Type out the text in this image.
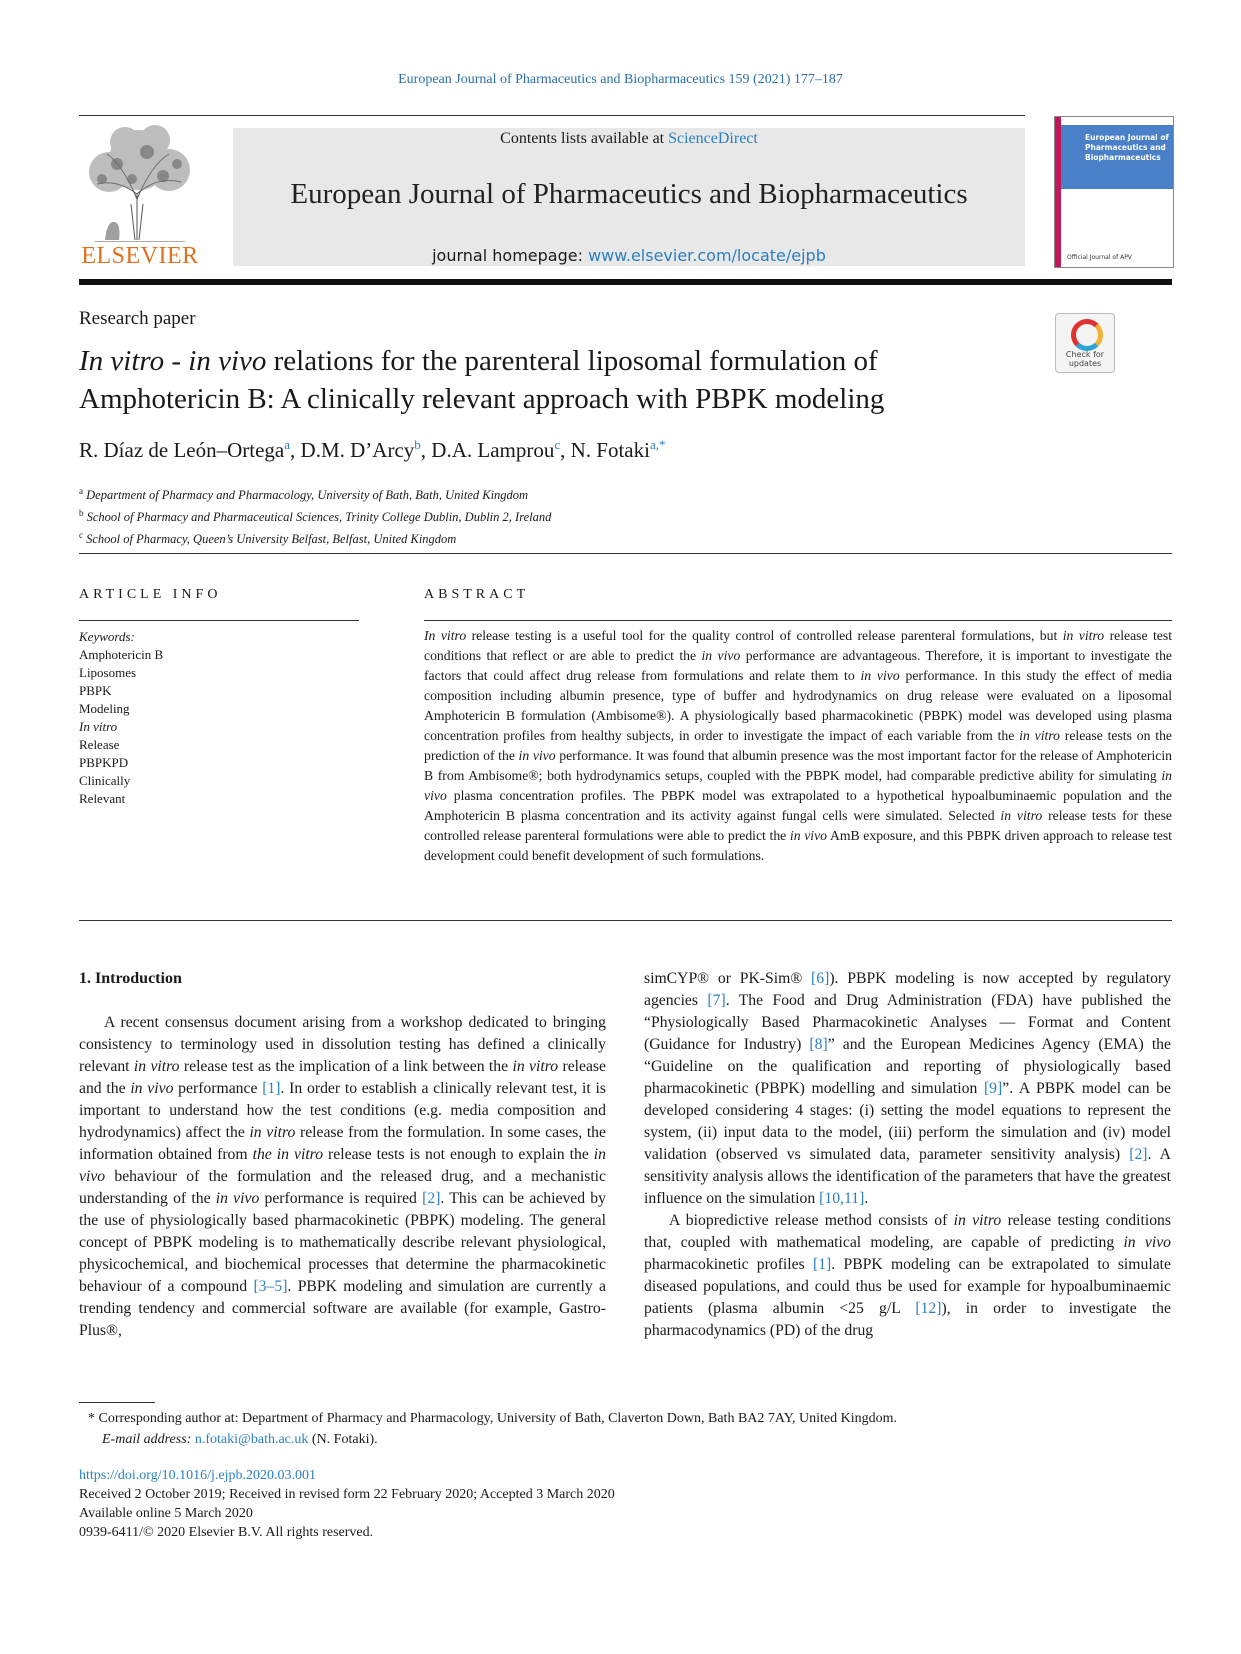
European Journal of Pharmaceutics and Biopharmaceutics 159 (2021) 177–187
ELSEVIER
Contents lists available at ScienceDirect
European Journal of Pharmaceutics and Biopharmaceutics
journal homepage: www.elsevier.com/locate/ejpb
European Journal of Pharmaceutics and Biopharmaceutics
Official Journal of APV
Research paper
Check for updates
In vitro - in vivo relations for the parenteral liposomal formulation of
Amphotericin B: A clinically relevant approach with PBPK modeling
R. Díaz de León–Ortega$^a$, D.M. D’Arcy$^b$, D.A. Lamprou$^c$, N. Fotaki$^{a,*}$
$^a$ Department of Pharmacy and Pharmacology, University of Bath, Bath, United Kingdom
$^b$ School of Pharmacy and Pharmaceutical Sciences, Trinity College Dublin, Dublin 2, Ireland
$^c$ School of Pharmacy, Queen’s University Belfast, Belfast, United Kingdom
ARTICLE INFO	ABSTRACT
Keywords:
Amphotericin B
Liposomes
PBPK
Modeling
In vitro
Release
PBPKPD
Clinically
Relevant
In vitro release testing is a useful tool for the quality control of controlled release parenteral formulations, but in vitro release test conditions that reflect or are able to predict the in vivo performance are advantageous. Therefore, it is important to investigate the factors that could affect drug release from formulations and relate them to in vivo performance. In this study the effect of media composition including albumin presence, type of buffer and hydrodynamics on drug release were evaluated on a liposomal Amphotericin B formulation (Ambisome®). A physiologically based pharmacokinetic (PBPK) model was developed using plasma concentration profiles from healthy subjects, in order to investigate the impact of each variable from the in vitro release tests on the prediction of the in vivo performance. It was found that albumin presence was the most important factor for the release of Amphotericin B from Ambisome®; both hydrodynamics setups, coupled with the PBPK model, had comparable predictive ability for simulating in vivo plasma concentration profiles. The PBPK model was extrapolated to a hypothetical hypoalbuminaemic population and the Amphotericin B plasma concentration and its activity against fungal cells were simulated. Selected in vitro release tests for these controlled release parenteral formulations were able to predict the in vivo AmB exposure, and this PBPK driven approach to release test development could benefit development of such formulations.
1. Introduction

A recent consensus document arising from a workshop dedicated to bringing consistency to terminology used in dissolution testing has defined a clinically relevant in vitro release test as the implication of a link between the in vitro release and the in vivo performance [1]. In order to establish a clinically relevant test, it is important to understand how the test conditions (e.g. media composition and hydrodynamics) affect the in vitro release from the formulation. In some cases, the information obtained from the in vitro release tests is not enough to explain the in vivo behaviour of the formulation and the released drug, and a mechanistic understanding of the in vivo performance is required [2]. This can be achieved by the use of physiologically based pharmacokinetic (PBPK) modeling. The general concept of PBPK modeling is to mathematically describe relevant physiological, physicochemical, and biochemical processes that determine the pharmacokinetic behaviour of a compound [3–5]. PBPK modeling and simulation are currently a trending tendency and commercial software are available (for example, Gastro- Plus®,

simCYP® or PK-Sim® [6]). PBPK modeling is now accepted by regulatory agencies [7]. The Food and Drug Administration (FDA) have published the “Physiologically Based Pharmacokinetic Analyses — Format and Content (Guidance for Industry) [8]” and the European Medicines Agency (EMA) the “Guideline on the qualification and reporting of physiologically based pharmacokinetic (PBPK) modelling and simulation [9]”. A PBPK model can be developed considering 4 stages: (i) setting the model equations to represent the system, (ii) input data to the model, (iii) perform the simulation and (iv) model validation (observed vs simulated data, parameter sensitivity analysis) [2]. A sensitivity analysis allows the identification of the parameters that have the greatest influence on the simulation [10,11].

A biopredictive release method consists of in vitro release testing conditions that, coupled with mathematical modeling, are capable of predicting in vivo pharmacokinetic profiles [1]. PBPK modeling can be extrapolated to simulate diseased populations, and could thus be used for example for hypoalbuminaemic patients (plasma albumin <25 g/L [12]), in order to investigate the pharmacodynamics (PD) of the drug

* Corresponding author at: Department of Pharmacy and Pharmacology, University of Bath, Claverton Down, Bath BA2 7AY, United Kingdom.
E-mail address: n.fotaki@bath.ac.uk (N. Fotaki).
https://doi.org/10.1016/j.ejpb.2020.03.001
Received 2 October 2019; Received in revised form 22 February 2020; Accepted 3 March 2020
Available online 5 March 2020
0939-6411/© 2020 Elsevier B.V. All rights reserved.
